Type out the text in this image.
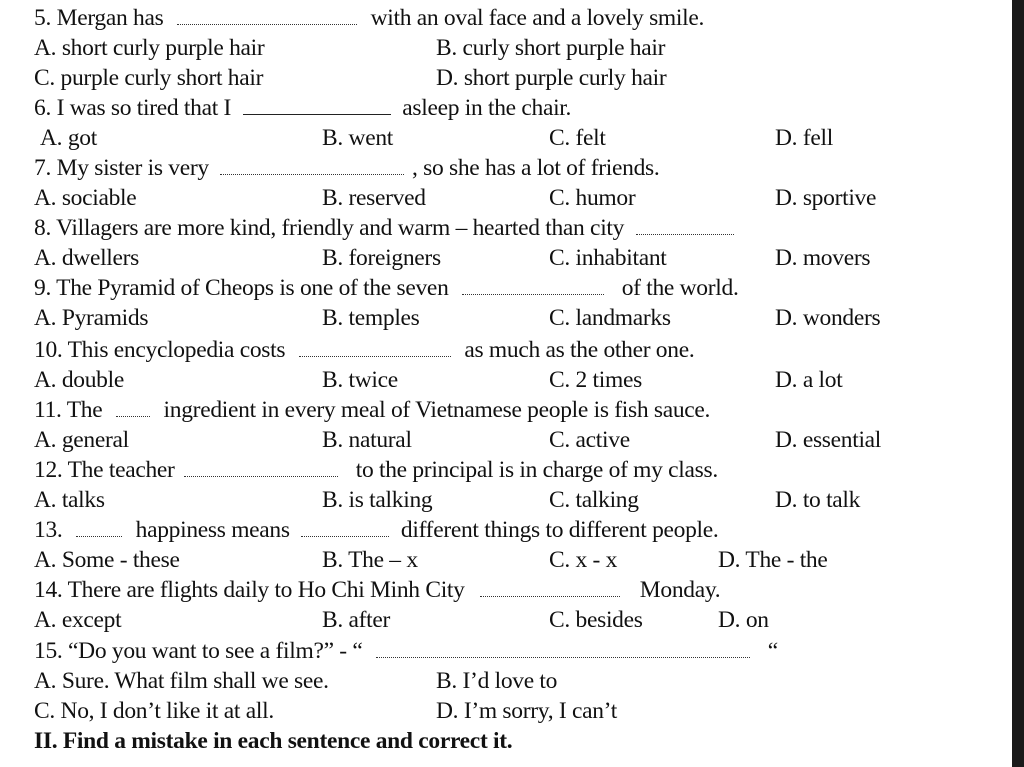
5. Mergan has	with an oval face and a lovely smile.
A. short curly purple hair	B. curly short purple hair
C. purple curly short hair	D. short purple curly hair
6. I was so tired that I	asleep in the chair.
A. got	B. went	C. felt	D. fell
7. My sister is very	, so she has a lot of friends.
A. sociable	B. reserved	C. humor	D. sportive
8. Villagers are more kind, friendly and warm – hearted than city
A. dwellers	B. foreigners	C. inhabitant	D. movers
9. The Pyramid of Cheops is one of the seven	of the world.
A. Pyramids	B. temples	C. landmarks	D. wonders
10. This encyclopedia costs	as much as the other one.
A. double	B. twice	C. 2 times	D. a lot
11. The	ingredient in every meal of Vietnamese people is fish sauce.
A. general	B. natural	C. active	D. essential
12. The teacher	to the principal is in charge of my class.
A. talks	B. is talking	C. talking	D. to talk
13.	happiness means	different things to different people.
A. Some - these	B. The – x	C. x - x	D. The - the
14. There are flights daily to Ho Chi Minh City	Monday.
A. except	B. after	C. besides	D. on
15. “Do you want to see a film?” - “	“
A. Sure. What film shall we see.	B. I’d love to
C. No, I don’t like it at all.	D. I’m sorry, I can’t
II. Find a mistake in each sentence and correct it.
